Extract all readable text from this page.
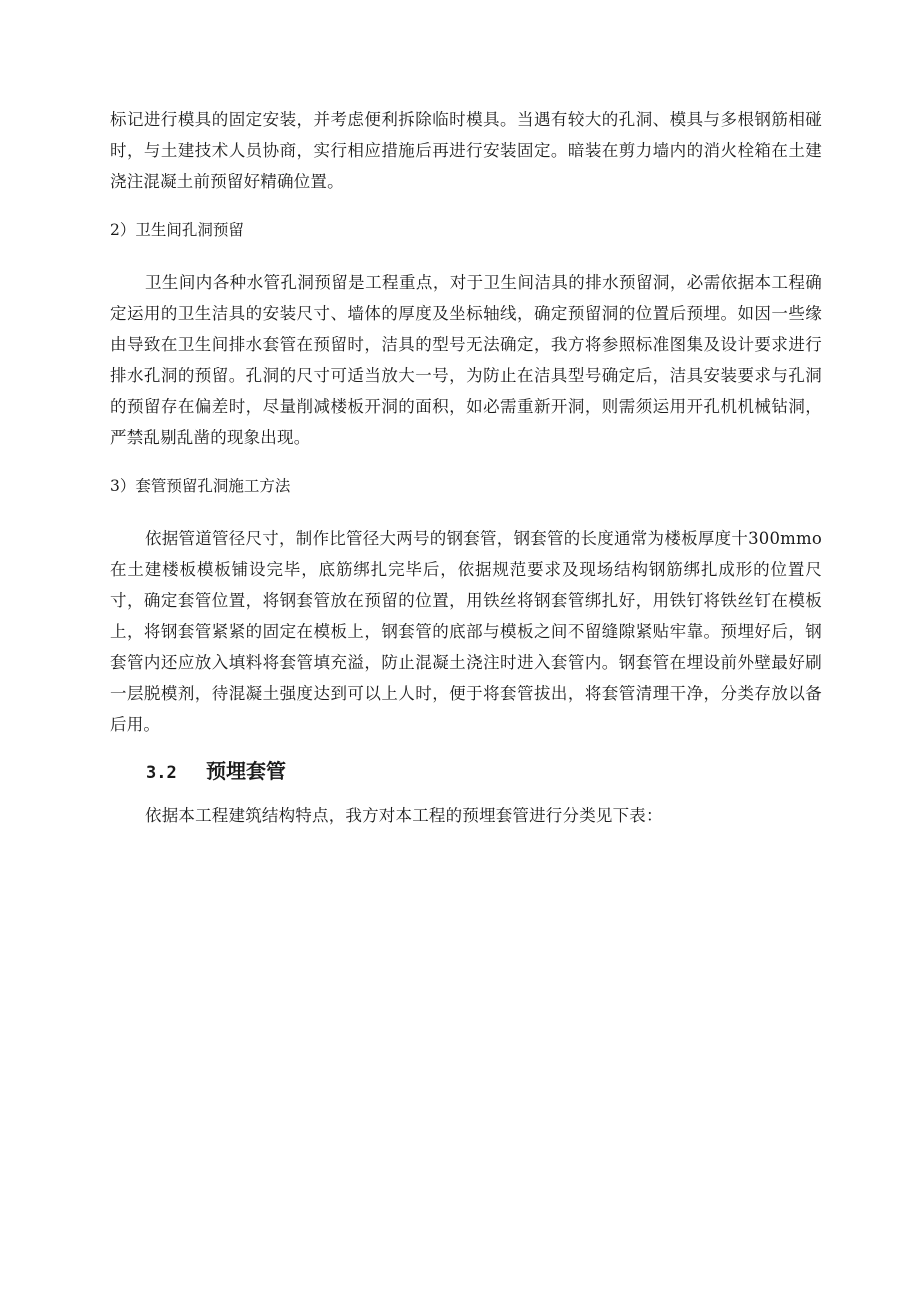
标记进行模具的固定安装，并考虑便利拆除临时模具。当遇有较大的孔洞、模具与多根钢筋相碰时，与土建技术人员协商，实行相应措施后再进行安装固定。暗装在剪力墙内的消火栓箱在土建浇注混凝土前预留好精确位置。

2）卫生间孔洞预留

卫生间内各种水管孔洞预留是工程重点，对于卫生间洁具的排水预留洞，必需依据本工程确定运用的卫生洁具的安装尺寸、墙体的厚度及坐标轴线，确定预留洞的位置后预埋。如因一些缘由导致在卫生间排水套管在预留时，洁具的型号无法确定，我方将参照标准图集及设计要求进行排水孔洞的预留。孔洞的尺寸可适当放大一号，为防止在洁具型号确定后，洁具安装要求与孔洞的预留存在偏差时，尽量削减楼板开洞的面积，如必需重新开洞，则需须运用开孔机机械钻洞，严禁乱剔乱凿的现象出现。

3）套管预留孔洞施工方法

依据管道管径尺寸，制作比管径大两号的钢套管，钢套管的长度通常为楼板厚度十300mmo在土建楼板模板铺设完毕，底筋绑扎完毕后，依据规范要求及现场结构钢筋绑扎成形的位置尺寸，确定套管位置，将钢套管放在预留的位置，用铁丝将钢套管绑扎好，用铁钉将铁丝钉在模板上，将钢套管紧紧的固定在模板上，钢套管的底部与模板之间不留缝隙紧贴牢靠。预埋好后，钢套管内还应放入填料将套管填充溢，防止混凝土浇注时进入套管内。钢套管在埋设前外壁最好刷一层脱模剂，待混凝土强度达到可以上人时，便于将套管拔出，将套管清理干净，分类存放以备后用。

3.2 预埋套管

依据本工程建筑结构特点，我方对本工程的预埋套管进行分类见下表：
